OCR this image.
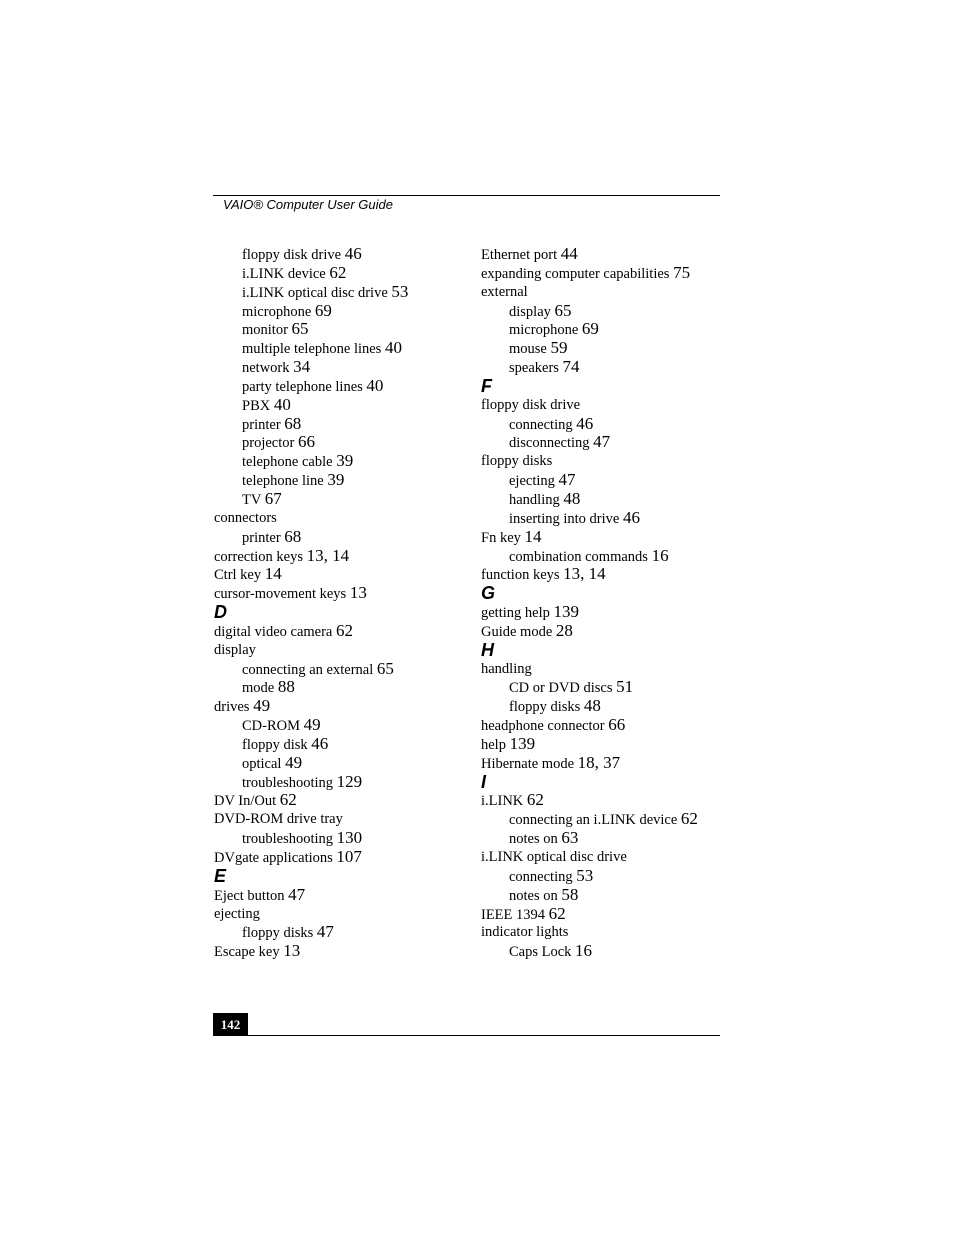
VAIO® Computer User Guide
floppy disk drive 46
i.LINK device 62
i.LINK optical disc drive 53
microphone 69
monitor 65
multiple telephone lines 40
network 34
party telephone lines 40
PBX 40
printer 68
projector 66
telephone cable 39
telephone line 39
TV 67
connectors
printer 68
correction keys 13, 14
Ctrl key 14
cursor-movement keys 13
D
digital video camera 62
display
connecting an external 65
mode 88
drives 49
CD-ROM 49
floppy disk 46
optical 49
troubleshooting 129
DV In/Out 62
DVD-ROM drive tray
troubleshooting 130
DVgate applications 107
E
Eject button 47
ejecting
floppy disks 47
Escape key 13
Ethernet port 44
expanding computer capabilities 75
external
display 65
microphone 69
mouse 59
speakers 74
F
floppy disk drive
connecting 46
disconnecting 47
floppy disks
ejecting 47
handling 48
inserting into drive 46
Fn key 14
combination commands 16
function keys 13, 14
G
getting help 139
Guide mode 28
H
handling
CD or DVD discs 51
floppy disks 48
headphone connector 66
help 139
Hibernate mode 18, 37
I
i.LINK 62
connecting an i.LINK device 62
notes on 63
i.LINK optical disc drive
connecting 53
notes on 58
IEEE 1394 62
indicator lights
Caps Lock 16
142
